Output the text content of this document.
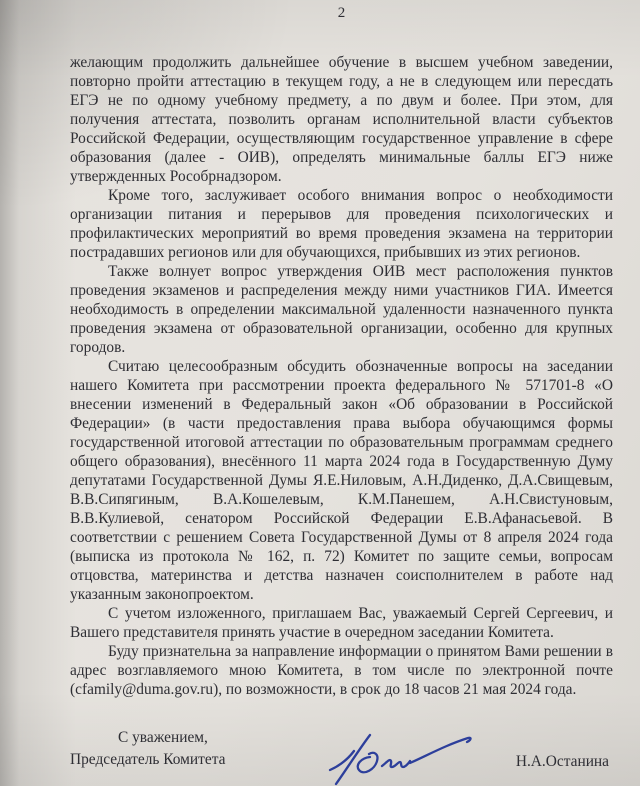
2

желающим продолжить дальнейшее обучение в высшем учебном заведении, повторно пройти аттестацию в текущем году, а не в следующем или пересдать ЕГЭ не по одному учебному предмету, а по двум и более. При этом, для получения аттестата, позволить органам исполнительной власти субъектов Российской Федерации, осуществляющим государственное управление в сфере образования (далее - ОИВ), определять минимальные баллы ЕГЭ ниже утвержденных Рособрнадзором.

Кроме того, заслуживает особого внимания вопрос о необходимости организации питания и перерывов для проведения психологических и профилактических мероприятий во время проведения экзамена на территории пострадавших регионов или для обучающихся, прибывших из этих регионов.

Также волнует вопрос утверждения ОИВ мест расположения пунктов проведения экзаменов и распределения между ними участников ГИА. Имеется необходимость в определении максимальной удаленности назначенного пункта проведения экзамена от образовательной организации, особенно для крупных городов.

Считаю целесообразным обсудить обозначенные вопросы на заседании нашего Комитета при рассмотрении проекта федерального № 571701-8 «О внесении изменений в Федеральный закон «Об образовании в Российской Федерации» (в части предоставления права выбора обучающимся формы государственной итоговой аттестации по образовательным программам среднего общего образования), внесённого 11 марта 2024 года в Государственную Думу депутатами Государственной Думы Я.Е.Ниловым, А.Н.Диденко, Д.А.Свищевым, В.В.Сипягиным, В.А.Кошелевым, К.М.Панешем, А.Н.Свистуновым, В.В.Кулиевой, сенатором Российской Федерации Е.В.Афанасьевой. В соответствии с решением Совета Государственной Думы от 8 апреля 2024 года (выписка из протокола № 162, п. 72) Комитет по защите семьи, вопросам отцовства, материнства и детства назначен соисполнителем в работе над указанным законопроектом.

С учетом изложенного, приглашаем Вас, уважаемый Сергей Сергеевич, и Вашего представителя принять участие в очередном заседании Комитета.

Буду признательна за направление информации о принятом Вами решении в адрес возглавляемого мною Комитета, в том числе по электронной почте (cfamily@duma.gov.ru), по возможности, в срок до 18 часов 21 мая 2024 года.

С уважением,
Председатель Комитета	Н.А.Останина
